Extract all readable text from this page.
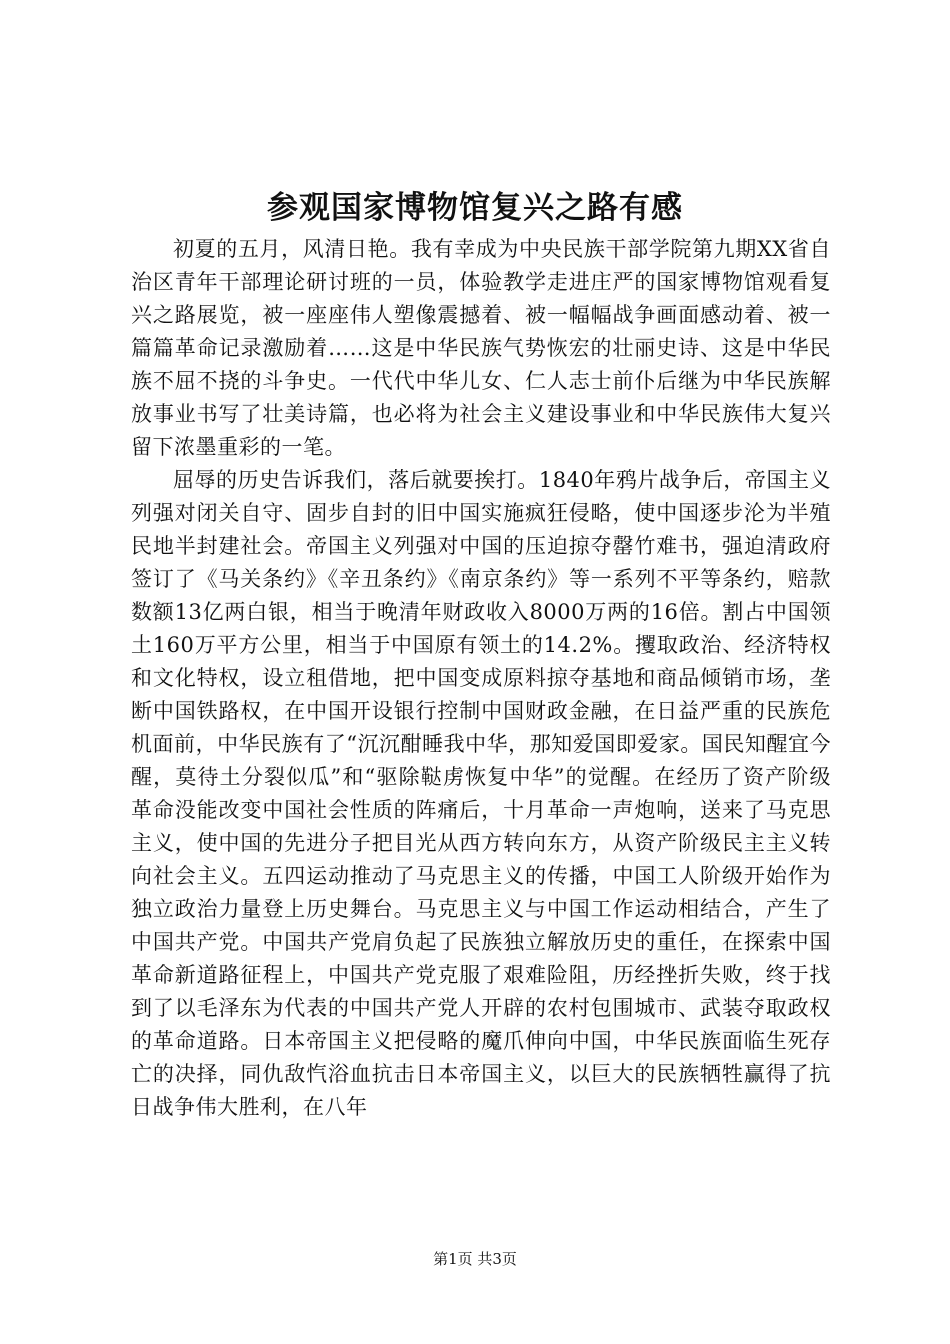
参观国家博物馆复兴之路有感

初夏的五月，风清日艳。我有幸成为中央民族干部学院第九期XX省自治区青年干部理论研讨班的一员，体验教学走进庄严的国家博物馆观看复兴之路展览，被一座座伟人塑像震撼着、被一幅幅战争画面感动着、被一篇篇革命记录激励着……这是中华民族气势恢宏的壮丽史诗、这是中华民族不屈不挠的斗争史。一代代中华儿女、仁人志士前仆后继为中华民族解放事业书写了壮美诗篇，也必将为社会主义建设事业和中华民族伟大复兴留下浓墨重彩的一笔。

屈辱的历史告诉我们，落后就要挨打。1840年鸦片战争后，帝国主义列强对闭关自守、固步自封的旧中国实施疯狂侵略，使中国逐步沦为半殖民地半封建社会。帝国主义列强对中国的压迫掠夺罄竹难书，强迫清政府签订了《马关条约》《辛丑条约》《南京条约》等一系列不平等条约，赔款数额13亿两白银，相当于晚清年财政收入8000万两的16倍。割占中国领土160万平方公里，相当于中国原有领土的14.2%。攫取政治、经济特权和文化特权，设立租借地，把中国变成原料掠夺基地和商品倾销市场，垄断中国铁路权，在中国开设银行控制中国财政金融，在日益严重的民族危机面前，中华民族有了“沉沉酣睡我中华，那知爱国即爱家。国民知醒宜今醒，莫待土分裂似瓜”和“驱除鞑虏恢复中华”的觉醒。在经历了资产阶级革命没能改变中国社会性质的阵痛后，十月革命一声炮响，送来了马克思主义，使中国的先进分子把目光从西方转向东方，从资产阶级民主主义转向社会主义。五四运动推动了马克思主义的传播，中国工人阶级开始作为独立政治力量登上历史舞台。马克思主义与中国工作运动相结合，产生了中国共产党。中国共产党肩负起了民族独立解放历史的重任，在探索中国革命新道路征程上，中国共产党克服了艰难险阻，历经挫折失败，终于找到了以毛泽东为代表的中国共产党人开辟的农村包围城市、武装夺取政权的革命道路。日本帝国主义把侵略的魔爪伸向中国，中华民族面临生死存亡的决择，同仇敌忾浴血抗击日本帝国主义，以巨大的民族牺牲赢得了抗日战争伟大胜利，在八年

第1页 共3页
